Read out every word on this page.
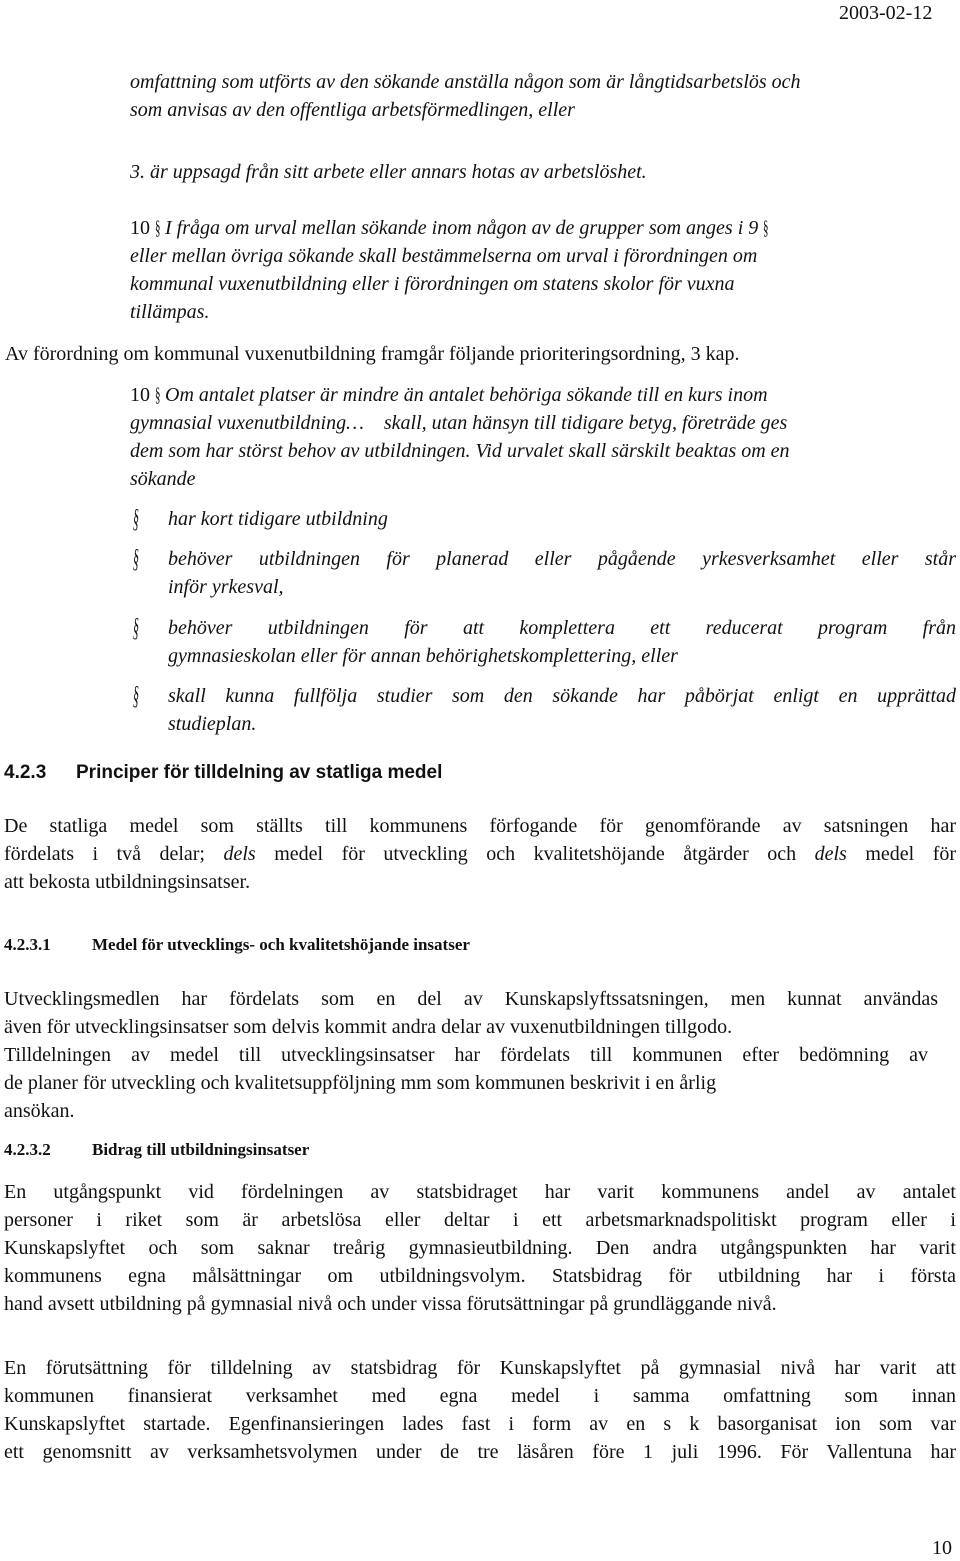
2003-02-12
omfattning som utförts av den sökande anställa någon som är långtidsarbetslös och
som anvisas av den offentliga arbetsförmedlingen, eller
3. är uppsagd från sitt arbete eller annars hotas av arbetslöshet.
10 § I fråga om urval mellan sökande inom någon av de grupper som anges i 9 §
eller mellan övriga sökande skall bestämmelserna om urval i förordningen om
kommunal vuxenutbildning eller i förordningen om statens skolor för vuxna
tillämpas.
Av förordning om kommunal vuxenutbildning framgår följande prioriteringsordning, 3 kap.
10 § Om antalet platser är mindre än antalet behöriga sökande till en kurs inom
gymnasial vuxenutbildning… skall, utan hänsyn till tidigare betyg, företräde ges
dem som har störst behov av utbildningen. Vid urvalet skall särskilt beaktas om en
sökande
§ har kort tidigare utbildning
§ behöver utbildningen för planerad eller pågående yrkesverksamhet eller står
inför yrkesval,
§ behöver utbildningen för att komplettera ett reducerat program från
gymnasieskolan eller för annan behörighetskomplettering, eller
§ skall kunna fullfölja studier som den sökande har påbörjat enligt en upprättad
studieplan.
4.2.3 Principer för tilldelning av statliga medel
De statliga medel som ställts till kommunens förfogande för genomförande av satsningen har
fördelats i två delar; dels medel för utveckling och kvalitetshöjande åtgärder och dels medel för
att bekosta utbildningsinsatser.
4.2.3.1 Medel för utvecklings- och kvalitetshöjande insatser
Utvecklingsmedlen har fördelats som en del av Kunskapslyftssatsningen, men kunnat användas
även för utvecklingsinsatser som delvis kommit andra delar av vuxenutbildningen tillgodo.
Tilldelningen av medel till utvecklingsinsatser har fördelats till kommunen efter bedömning av
de planer för utveckling och kvalitetsuppföljning mm som kommunen beskrivit i en årlig
ansökan.
4.2.3.2 Bidrag till utbildningsinsatser
En utgångspunkt vid fördelningen av statsbidraget har varit kommunens andel av antalet
personer i riket som är arbetslösa eller deltar i ett arbetsmarknadspolitiskt program eller i
Kunskapslyftet och som saknar treårig gymnasieutbildning. Den andra utgångspunkten har varit
kommunens egna målsättningar om utbildningsvolym. Statsbidrag för utbildning har i första
hand avsett utbildning på gymnasial nivå och under vissa förutsättningar på grundläggande nivå.
En förutsättning för tilldelning av statsbidrag för Kunskapslyftet på gymnasial nivå har varit att
kommunen finansierat verksamhet med egna medel i samma omfattning som innan
Kunskapslyftet startade. Egenfinansieringen lades fast i form av en s k basorganisat ion som var
ett genomsnitt av verksamhetsvolymen under de tre läsåren före 1 juli 1996. För Vallentuna har
10
